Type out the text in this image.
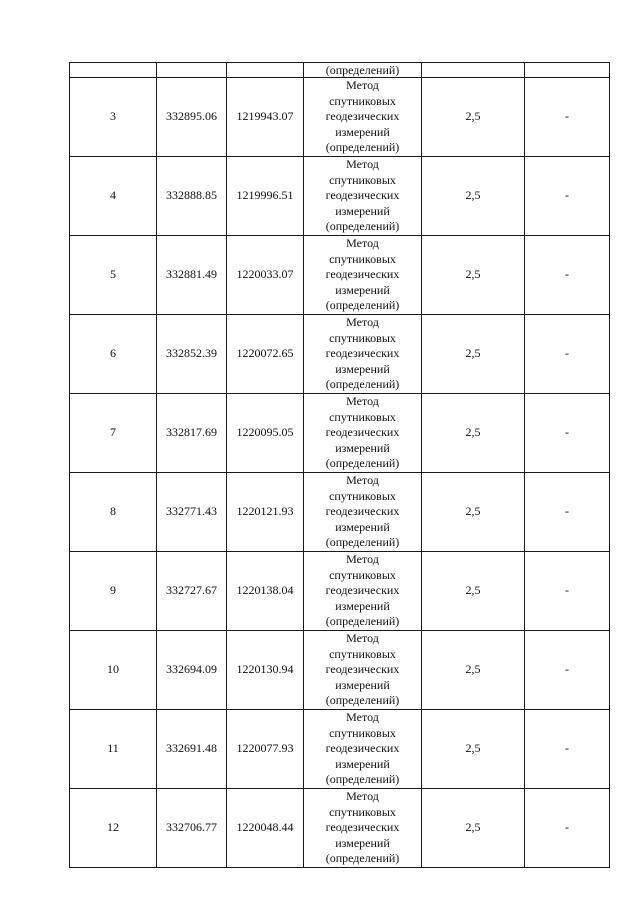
			(определений)		
3	332895.06	1219943.07	Метод
спутниковых
геодезических
измерений
(определений)	2,5	-
4	332888.85	1219996.51	Метод
спутниковых
геодезических
измерений
(определений)	2,5	-
5	332881.49	1220033.07	Метод
спутниковых
геодезических
измерений
(определений)	2,5	-
6	332852.39	1220072.65	Метод
спутниковых
геодезических
измерений
(определений)	2,5	-
7	332817.69	1220095.05	Метод
спутниковых
геодезических
измерений
(определений)	2,5	-
8	332771.43	1220121.93	Метод
спутниковых
геодезических
измерений
(определений)	2,5	-
9	332727.67	1220138.04	Метод
спутниковых
геодезических
измерений
(определений)	2,5	-
10	332694.09	1220130.94	Метод
спутниковых
геодезических
измерений
(определений)	2,5	-
11	332691.48	1220077.93	Метод
спутниковых
геодезических
измерений
(определений)	2,5	-
12	332706.77	1220048.44	Метод
спутниковых
геодезических
измерений
(определений)	2,5	-
